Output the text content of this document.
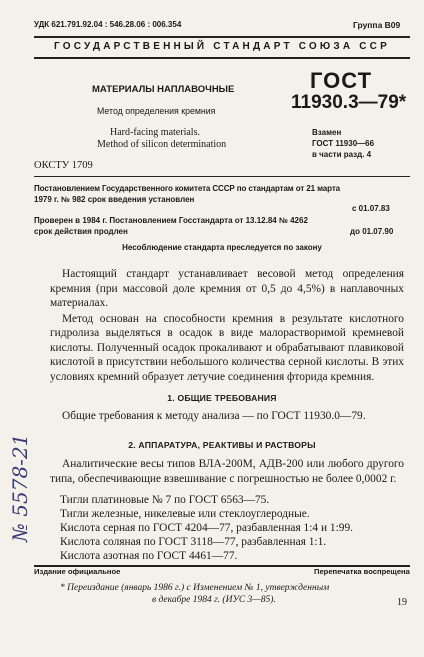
УДК 621.791.92.04 : 546.28.06 : 006.354	Группа В09
ГОСУДАРСТВЕННЫЙ СТАНДАРТ СОЮЗА ССР
МАТЕРИАЛЫ НАПЛАВОЧНЫЕ
Метод определения кремния
Hard-facing materials.
Method of silicon determination
ОКСТУ 1709
ГОСТ
11930.3—79*
Взамен
ГОСТ 11930—66
в части разд. 4
Постановлением Государственного комитета СССР по стандартам от 21 марта
1979 г. № 982 срок введения установлен
с 01.07.83
Проверен в 1984 г. Постановлением Госстандарта от 13.12.84 № 4262
срок действия продлен	до 01.07.90
Несоблюдение стандарта преследуется по закону

Настоящий стандарт устанавливает весовой метод определения кремния (при массовой доле кремния от 0,5 до 4,5%) в наплавочных материалах.

Метод основан на способности кремния в результате кислотного гидролиза выделяться в осадок в виде малорастворимой кремневой кислоты. Полученный осадок прокаливают и обрабатывают плавиковой кислотой в присутствии небольшого количества серной кислоты. В этих условиях кремний образует летучие соединения фторида кремния.

1. ОБЩИЕ ТРЕБОВАНИЯ
Общие требования к методу анализа — по ГОСТ 11930.0—79.
2. АППАРАТУРА, РЕАКТИВЫ И РАСТВОРЫ

Аналитические весы типов ВЛА-200М, АДВ-200 или любого другого типа, обеспечивающие взвешивание с погрешностью не более 0,0002 г.

Тигли платиновые № 7 по ГОСТ 6563—75.
Тигли железные, никелевые или стеклоуглеродные.
Кислота серная по ГОСТ 4204—77, разбавленная 1:4 и 1:99.
Кислота соляная по ГОСТ 3118—77, разбавленная 1:1.
Кислота азотная по ГОСТ 4461—77.
Издание официальное	Перепечатка воспрещена
* Переиздание (январь 1986 г.) с Изменением № 1, утвержденным
в декабре 1984 г. (ИУС 3—85).	19
№ 5578-21
